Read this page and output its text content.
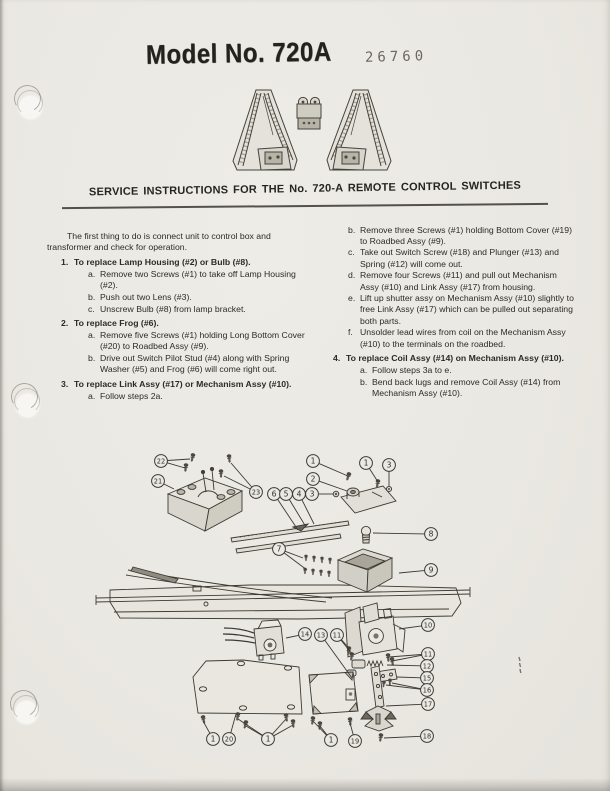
Model No. 720A 26760
SERVICE INSTRUCTIONS FOR THE No. 720-A REMOTE CONTROL SWITCHES

The first thing to do is connect unit to control box and transformer and check for operation.

1. To replace Lamp Housing (#2) or Bulb (#8).
a. Remove two Screws (#1) to take off Lamp Housing (#2).
b. Push out two Lens (#3).
c. Unscrew Bulb (#8) from lamp bracket.
2. To replace Frog (#6).
a. Remove five Screws (#1) holding Long Bottom Cover (#20) to Roadbed Assy (#9).
b. Drive out Switch Pilot Stud (#4) along with Spring Washer (#5) and Frog (#6) will come right out.
3. To replace Link Assy (#17) or Mechanism Assy (#10).
a. Follow steps 2a.
b. Remove three Screws (#1) holding Bottom Cover (#19) to Roadbed Assy (#9).
c. Take out Switch Screw (#18) and Plunger (#13) and Spring (#12) will come out.
d. Remove four Screws (#11) and pull out Mechanism Assy (#10) and Link Assy (#17) from housing.
e. Lift up shutter assy on Mechanism Assy (#10) slightly to free Link Assy (#17) which can be pulled out separating both parts.
f. Unsolder lead wires from coil on the Mechanism Assy (#10) to the terminals on the roadbed.
4. To replace Coil Assy (#14) on Mechanism Assy (#10).
a. Follow steps 3a to e.
b. Bend back lugs and remove Coil Assy (#14) from Mechanism Assy (#10).
22
21
23
1	1 3
2
3
6 5 4
7
8
9
10
14 13 11
11
12
15
16
17
18
1 20	1	1	19
